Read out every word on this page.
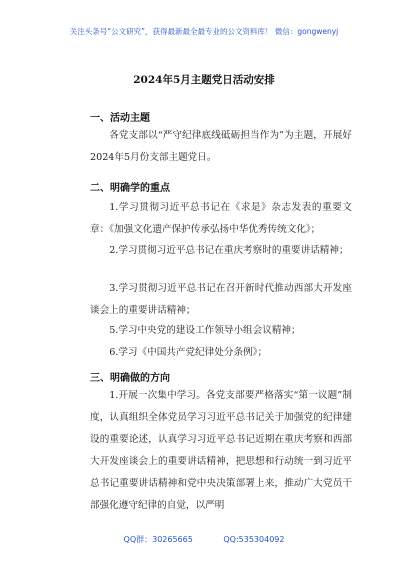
关注头条号“公文研究”，获得最新最全最专业的公文资料库！ 微信：gongwenyj
2024年5月主题党日活动安排
一、活动主题
各党支部以“严守纪律底线砥砺担当作为”为主题，开展好2024年5月份支部主题党日。
二、明确学的重点
1.学习贯彻习近平总书记在《求是》杂志发表的重要文章：《加强文化遗产保护传承弘扬中华优秀传统文化》；
2.学习贯彻习近平总书记在重庆考察时的重要讲话精神；
3.学习贯彻习近平总书记在召开新时代推动西部大开发座谈会上的重要讲话精神；
5.学习中央党的建设工作领导小组会议精神；
6.学习《中国共产党纪律处分条例》；
三、明确做的方向
1.开展一次集中学习。各党支部要严格落实“第一议题”制度，认真组织全体党员学习习近平总书记关于加强党的纪律建设的重要论述，认真学习习近平总书记近期在重庆考察和西部大开发座谈会上的重要讲话精神，把思想和行动统一到习近平总书记重要讲话精神和党中央决策部署上来，推动广大党员干部强化遵守纪律的自觉，以严明
QQ群：30265665	QQ:535304092
